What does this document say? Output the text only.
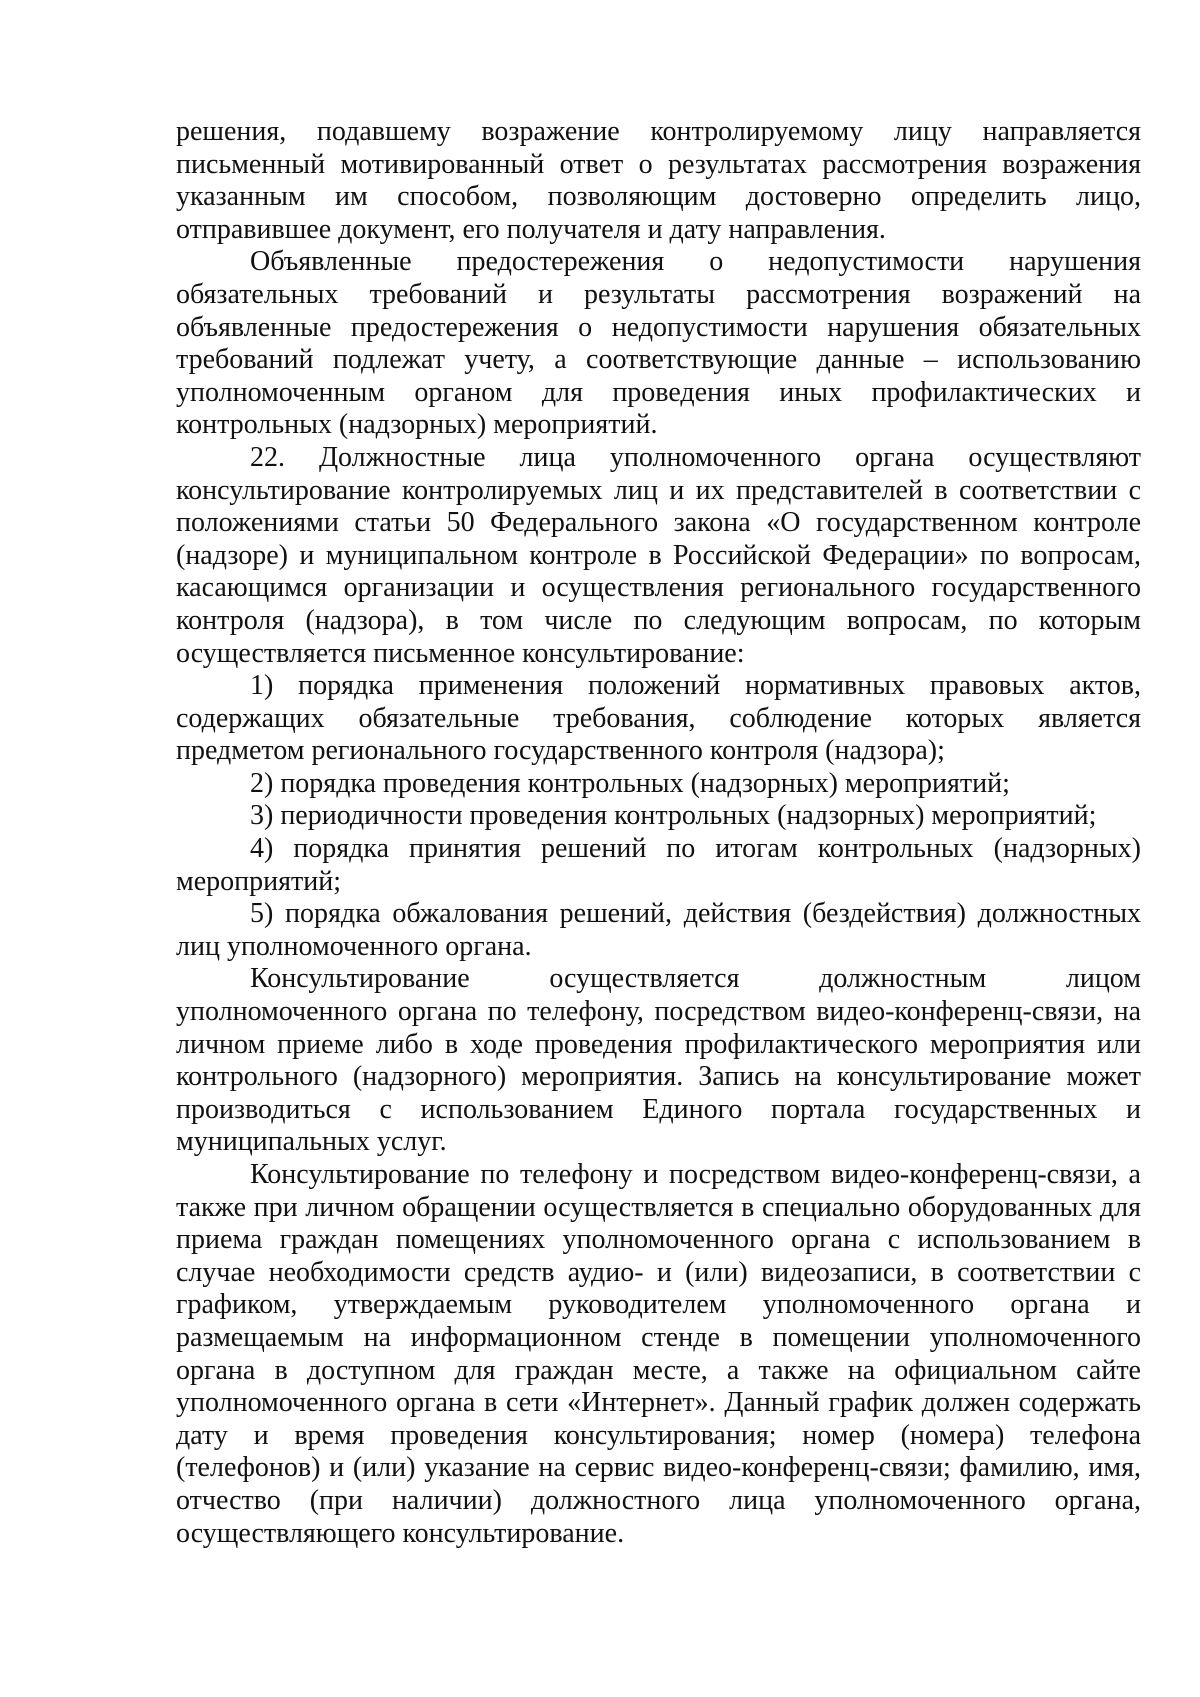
решения, подавшему возражение контролируемому лицу направляется письменный мотивированный ответ о результатах рассмотрения возражения указанным им способом, позволяющим достоверно определить лицо, отправившее документ, его получателя и дату направления.

Объявленные предостережения о недопустимости нарушения обязательных требований и результаты рассмотрения возражений на объявленные предостережения о недопустимости нарушения обязательных требований подлежат учету, а соответствующие данные – использованию уполномоченным органом для проведения иных профилактических и контрольных (надзорных) мероприятий.

22. Должностные лица уполномоченного органа осуществляют консультирование контролируемых лиц и их представителей в соответствии с положениями статьи 50 Федерального закона «О государственном контроле (надзоре) и муниципальном контроле в Российской Федерации» по вопросам, касающимся организации и осуществления регионального государственного контроля (надзора), в том числе по следующим вопросам, по которым осуществляется письменное консультирование:

1) порядка применения положений нормативных правовых актов, содержащих обязательные требования, соблюдение которых является предметом регионального государственного контроля (надзора);

2) порядка проведения контрольных (надзорных) мероприятий;

3) периодичности проведения контрольных (надзорных) мероприятий;

4) порядка принятия решений по итогам контрольных (надзорных) мероприятий;

5) порядка обжалования решений, действия (бездействия) должностных лиц уполномоченного органа.

Консультирование осуществляется должностным лицом уполномоченного органа по телефону, посредством видео-конференц-связи, на личном приеме либо в ходе проведения профилактического мероприятия или контрольного (надзорного) мероприятия. Запись на консультирование может производиться с использованием Единого портала государственных и муниципальных услуг.

Консультирование по телефону и посредством видео-конференц-связи, а также при личном обращении осуществляется в специально оборудованных для приема граждан помещениях уполномоченного органа с использованием в случае необходимости средств аудио- и (или) видеозаписи, в соответствии с графиком, утверждаемым руководителем уполномоченного органа и размещаемым на информационном стенде в помещении уполномоченного органа в доступном для граждан месте, а также на официальном сайте уполномоченного органа в сети «Интернет». Данный график должен содержать дату и время проведения консультирования; номер (номера) телефона (телефонов) и (или) указание на сервис видео-конференц-связи; фамилию, имя, отчество (при наличии) должностного лица уполномоченного органа, осуществляющего консультирование.
